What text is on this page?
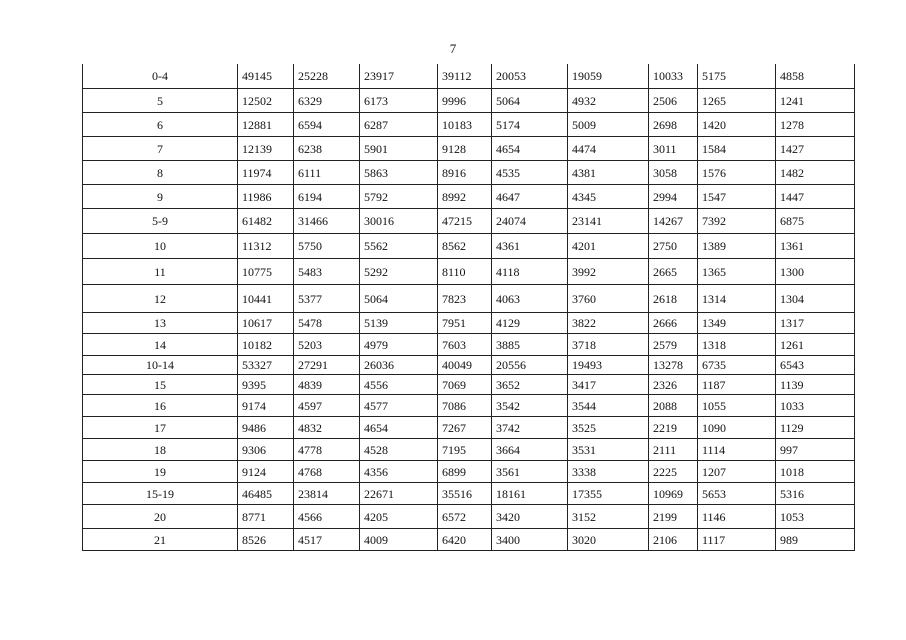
7
0-4	49145	25228	23917	39112	20053	19059	10033	5175	4858
5	12502	6329	6173	9996	5064	4932	2506	1265	1241
6	12881	6594	6287	10183	5174	5009	2698	1420	1278
7	12139	6238	5901	9128	4654	4474	3011	1584	1427
8	11974	6111	5863	8916	4535	4381	3058	1576	1482
9	11986	6194	5792	8992	4647	4345	2994	1547	1447
5-9	61482	31466	30016	47215	24074	23141	14267	7392	6875
10	11312	5750	5562	8562	4361	4201	2750	1389	1361
11	10775	5483	5292	8110	4118	3992	2665	1365	1300
12	10441	5377	5064	7823	4063	3760	2618	1314	1304
13	10617	5478	5139	7951	4129	3822	2666	1349	1317
14	10182	5203	4979	7603	3885	3718	2579	1318	1261
10-14	53327	27291	26036	40049	20556	19493	13278	6735	6543
15	9395	4839	4556	7069	3652	3417	2326	1187	1139
16	9174	4597	4577	7086	3542	3544	2088	1055	1033
17	9486	4832	4654	7267	3742	3525	2219	1090	1129
18	9306	4778	4528	7195	3664	3531	2111	1114	997
19	9124	4768	4356	6899	3561	3338	2225	1207	1018
15-19	46485	23814	22671	35516	18161	17355	10969	5653	5316
20	8771	4566	4205	6572	3420	3152	2199	1146	1053
21	8526	4517	4009	6420	3400	3020	2106	1117	989
